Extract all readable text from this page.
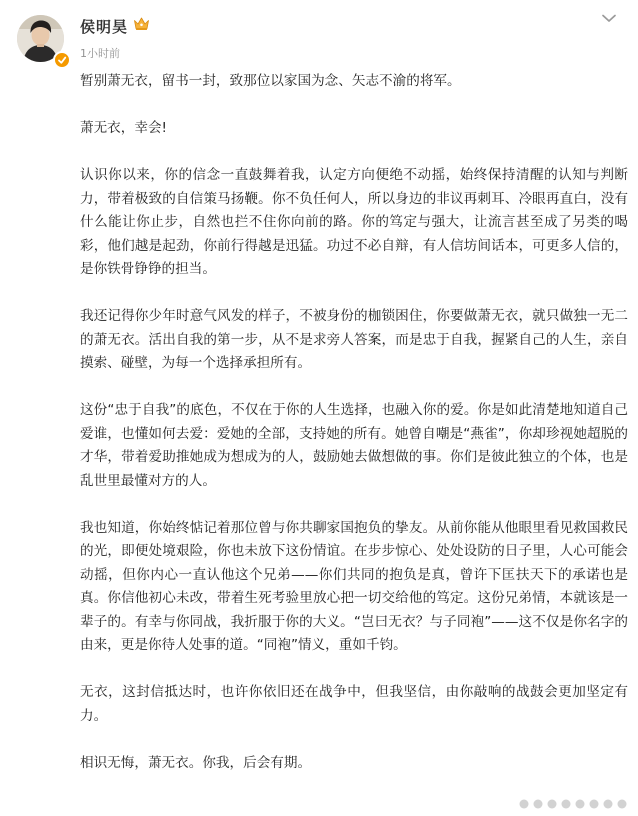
侯明昊
1小时前

暂别萧无衣，留书一封，致那位以家国为念、矢志不渝的将军。

萧无衣，幸会!

认识你以来，你的信念一直鼓舞着我，认定方向便绝不动摇，始终保持清醒的认知与判断力，带着极致的自信策马扬鞭。你不负任何人，所以身边的非议再刺耳、冷眼再直白，没有什么能让你止步，自然也拦不住你向前的路。你的笃定与强大，让流言甚至成了另类的喝彩，他们越是起劲，你前行得越是迅猛。功过不必自辩，有人信坊间话本，可更多人信的，是你铁骨铮铮的担当。

我还记得你少年时意气风发的样子，不被身份的枷锁困住，你要做萧无衣，就只做独一无二的萧无衣。活出自我的第一步，从不是求旁人答案，而是忠于自我，握紧自己的人生，亲自摸索、碰壁，为每一个选择承担所有。

这份“忠于自我”的底色，不仅在于你的人生选择，也融入你的爱。你是如此清楚地知道自己爱谁，也懂如何去爱：爱她的全部，支持她的所有。她曾自嘲是“燕雀”，你却珍视她超脱的才华，带着爱助推她成为想成为的人，鼓励她去做想做的事。你们是彼此独立的个体，也是乱世里最懂对方的人。

我也知道，你始终惦记着那位曾与你共聊家国抱负的挚友。从前你能从他眼里看见救国救民的光，即便处境艰险，你也未放下这份情谊。在步步惊心、处处设防的日子里，人心可能会动摇，但你内心一直认他这个兄弟——你们共同的抱负是真，曾许下匡扶天下的承诺也是真。你信他初心未改，带着生死考验里放心把一切交给他的笃定。这份兄弟情，本就该是一辈子的。有幸与你同战，我折服于你的大义。“岂曰无衣？与子同袍”——这不仅是你名字的由来，更是你待人处事的道。“同袍”情义，重如千钧。

无衣，这封信抵达时，也许你依旧还在战争中，但我坚信，由你敲响的战鼓会更加坚定有力。

相识无悔，萧无衣。你我，后会有期。
